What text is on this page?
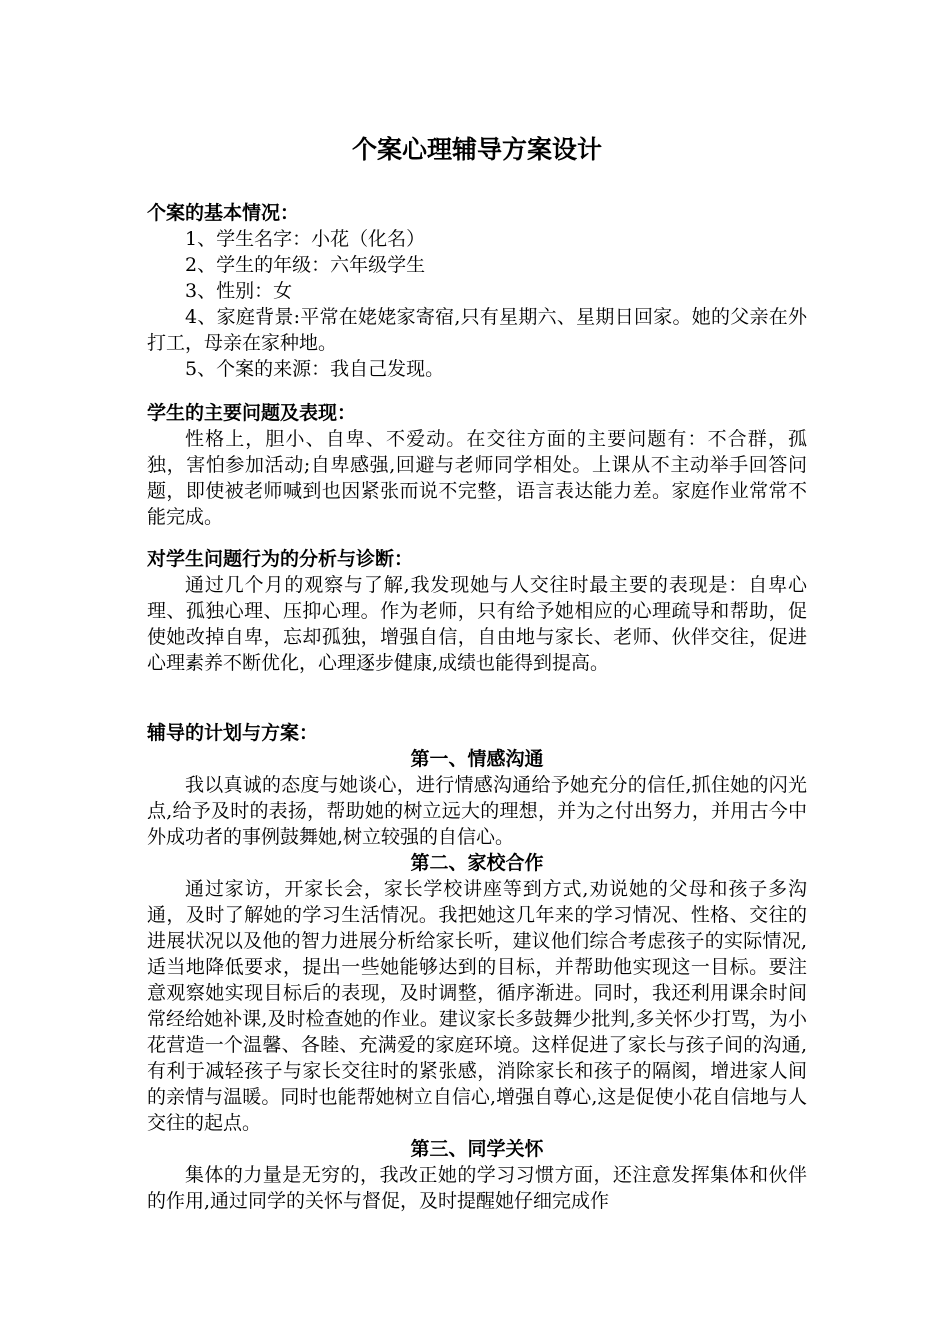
个案心理辅导方案设计

个案的基本情况：

1、学生名字：小花（化名）

2、学生的年级：六年级学生

3、性别：女

4、家庭背景:平常在姥姥家寄宿,只有星期六、星期日回家。她的父亲在外打工，母亲在家种地。

5、个案的来源：我自己发现。

学生的主要问题及表现：

性格上，胆小、自卑、不爱动。在交往方面的主要问题有：不合群，孤独，害怕参加活动;自卑感强,回避与老师同学相处。上课从不主动举手回答问题，即使被老师喊到也因紧张而说不完整，语言表达能力差。家庭作业常常不能完成。

对学生问题行为的分析与诊断：

通过几个月的观察与了解,我发现她与人交往时最主要的表现是：自卑心理、孤独心理、压抑心理。作为老师，只有给予她相应的心理疏导和帮助，促使她改掉自卑，忘却孤独，增强自信，自由地与家长、老师、伙伴交往，促进心理素养不断优化，心理逐步健康,成绩也能得到提高。

辅导的计划与方案：

第一、情感沟通

我以真诚的态度与她谈心，进行情感沟通给予她充分的信任,抓住她的闪光点,给予及时的表扬，帮助她的树立远大的理想，并为之付出努力，并用古今中外成功者的事例鼓舞她,树立较强的自信心。

第二、家校合作

通过家访，开家长会，家长学校讲座等到方式,劝说她的父母和孩子多沟通，及时了解她的学习生活情况。我把她这几年来的学习情况、性格、交往的进展状况以及他的智力进展分析给家长听，建议他们综合考虑孩子的实际情况,适当地降低要求，提出一些她能够达到的目标，并帮助他实现这一目标。要注意观察她实现目标后的表现，及时调整，循序渐进。同时，我还利用课余时间常经给她补课,及时检查她的作业。建议家长多鼓舞少批判,多关怀少打骂，为小花营造一个温馨、各睦、充满爱的家庭环境。这样促进了家长与孩子间的沟通,有利于减轻孩子与家长交往时的紧张感，消除家长和孩子的隔阂，增进家人间的亲情与温暖。同时也能帮她树立自信心,增强自尊心,这是促使小花自信地与人交往的起点。

第三、同学关怀

集体的力量是无穷的，我改正她的学习习惯方面，还注意发挥集体和伙伴的作用,通过同学的关怀与督促，及时提醒她仔细完成作
